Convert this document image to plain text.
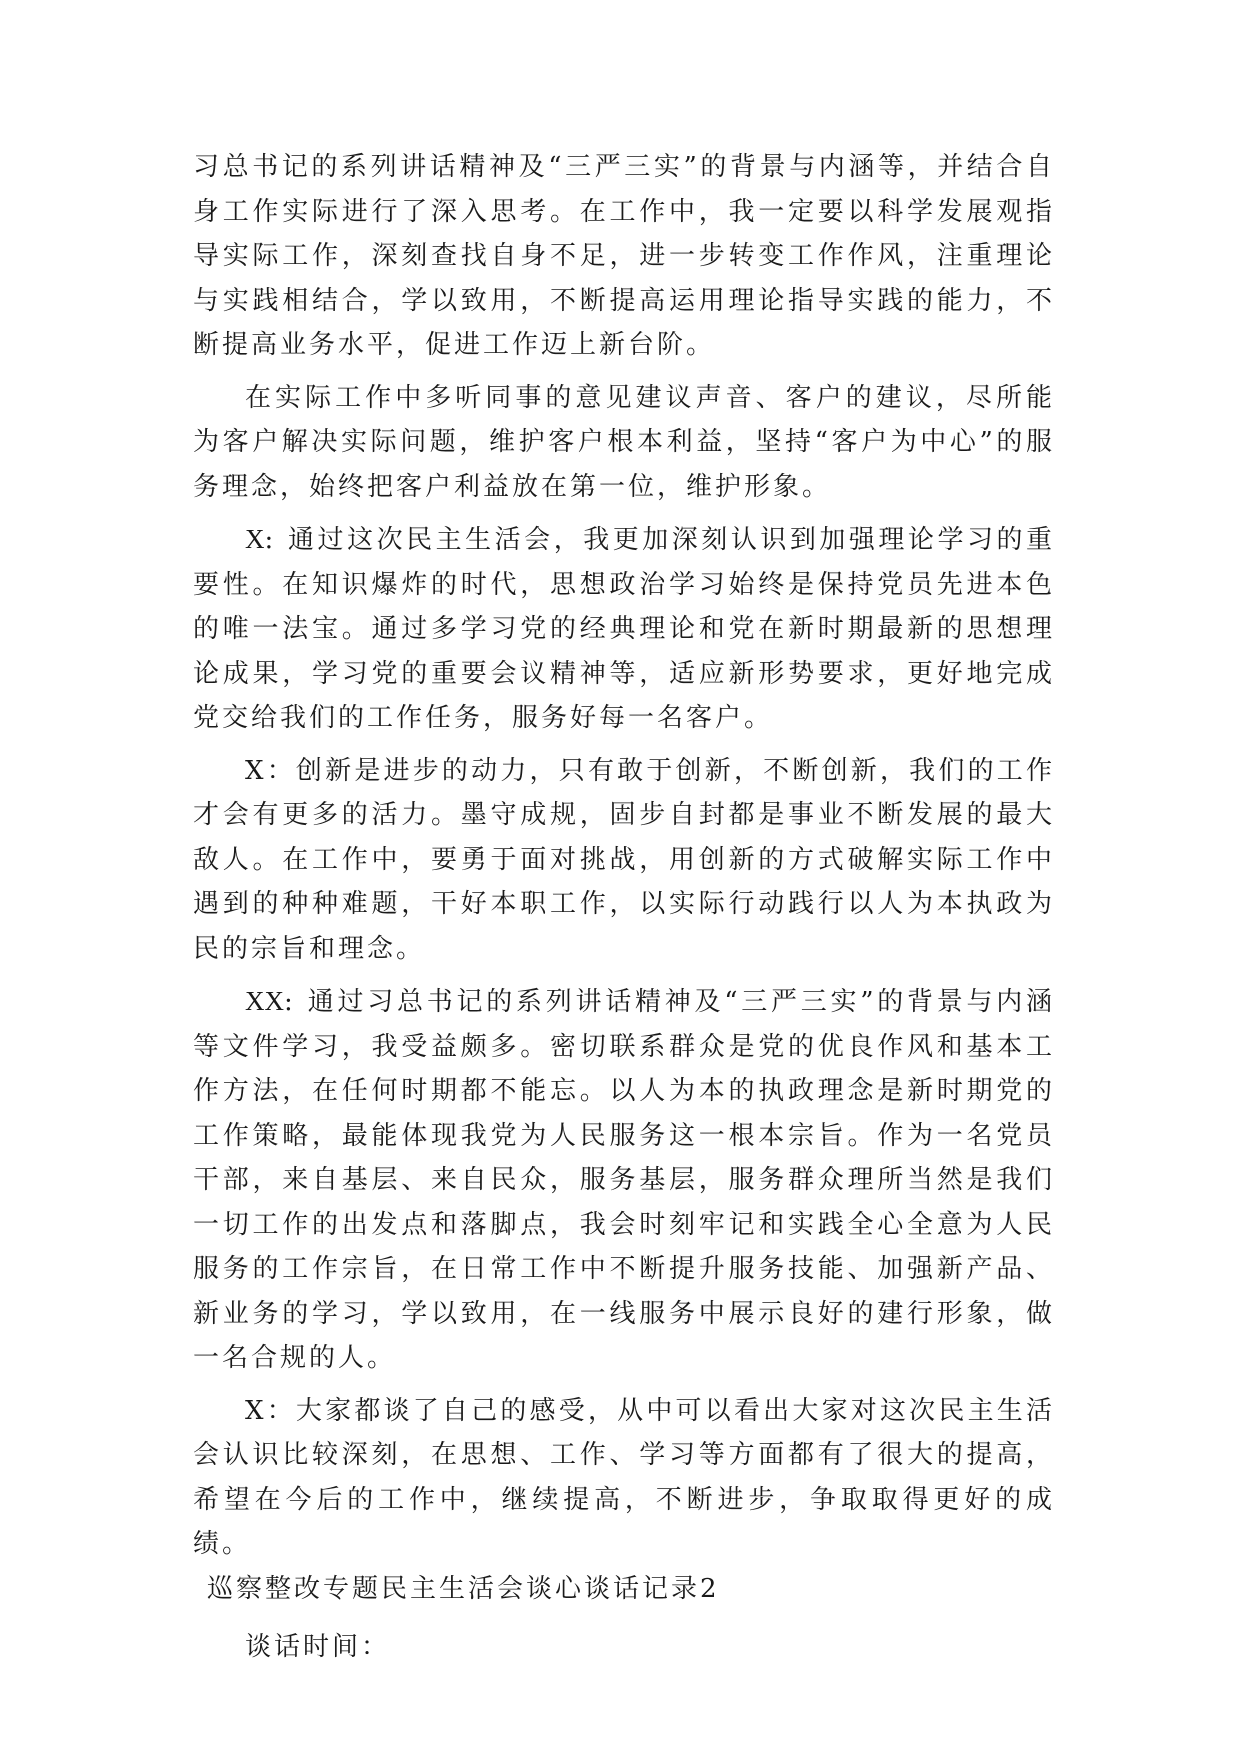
习总书记的系列讲话精神及“三严三实”的背景与内涵等，并结合自身工作实际进行了深入思考。在工作中，我一定要以科学发展观指导实际工作，深刻查找自身不足，进一步转变工作作风，注重理论与实践相结合，学以致用，不断提高运用理论指导实践的能力，不断提高业务水平，促进工作迈上新台阶。

在实际工作中多听同事的意见建议声音、客户的建议，尽所能为客户解决实际问题，维护客户根本利益，坚持“客户为中心”的服务理念，始终把客户利益放在第一位，维护形象。

X: 通过这次民主生活会，我更加深刻认识到加强理论学习的重要性。在知识爆炸的时代，思想政治学习始终是保持党员先进本色的唯一法宝。通过多学习党的经典理论和党在新时期最新的思想理论成果，学习党的重要会议精神等，适应新形势要求，更好地完成党交给我们的工作任务，服务好每一名客户。

X：创新是进步的动力，只有敢于创新，不断创新，我们的工作才会有更多的活力。墨守成规，固步自封都是事业不断发展的最大敌人。在工作中，要勇于面对挑战，用创新的方式破解实际工作中遇到的种种难题，干好本职工作，以实际行动践行以人为本执政为民的宗旨和理念。

XX: 通过习总书记的系列讲话精神及“三严三实”的背景与内涵等文件学习，我受益颇多。密切联系群众是党的优良作风和基本工作方法，在任何时期都不能忘。以人为本的执政理念是新时期党的工作策略，最能体现我党为人民服务这一根本宗旨。作为一名党员干部，来自基层、来自民众，服务基层，服务群众理所当然是我们一切工作的出发点和落脚点，我会时刻牢记和实践全心全意为人民服务的工作宗旨，在日常工作中不断提升服务技能、加强新产品、新业务的学习，学以致用，在一线服务中展示良好的建行形象，做一名合规的人。

X：大家都谈了自己的感受，从中可以看出大家对这次民主生活会认识比较深刻，在思想、工作、学习等方面都有了很大的提高，希望在今后的工作中，继续提高，不断进步，争取取得更好的成绩。

巡察整改专题民主生活会谈心谈话记录2

谈话时间：
